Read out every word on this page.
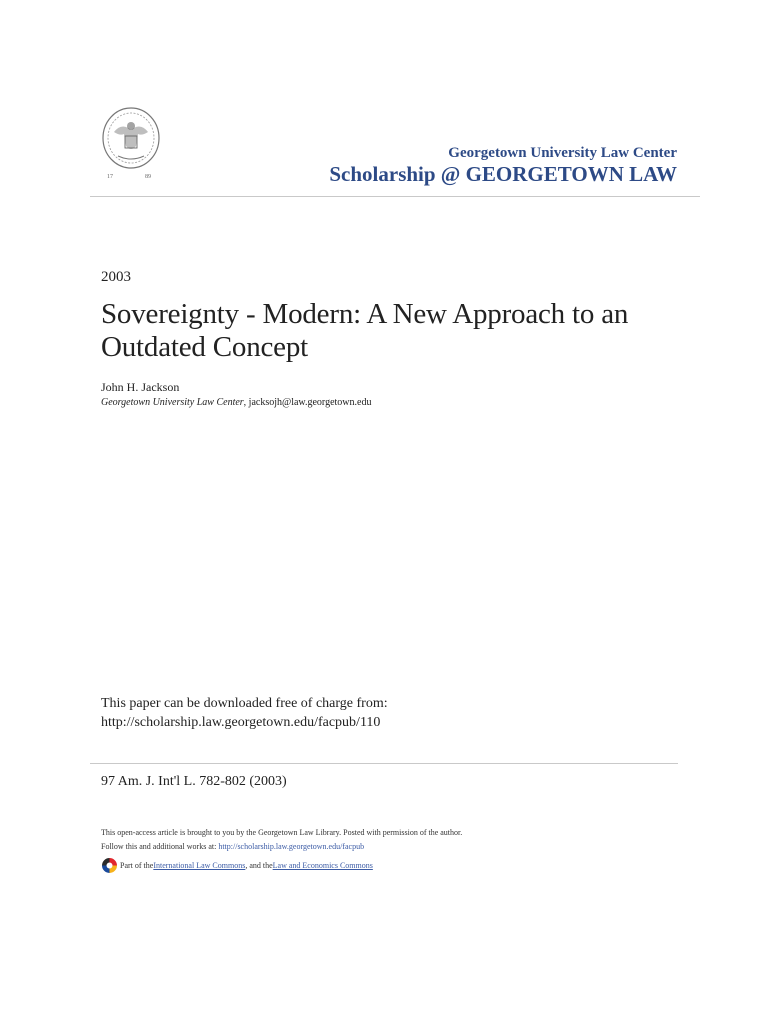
17	89
Georgetown University Law Center
Scholarship @ GEORGETOWN LAW
2003
Sovereignty - Modern: A New Approach to an Outdated Concept
John H. Jackson
Georgetown University Law Center, jacksojh@law.georgetown.edu
This paper can be downloaded free of charge from:
http://scholarship.law.georgetown.edu/facpub/110
97 Am. J. Int'l L. 782-802 (2003)
This open-access article is brought to you by the Georgetown Law Library. Posted with permission of the author.
Follow this and additional works at: http://scholarship.law.georgetown.edu/facpub
Part of the International Law Commons , and the Law and Economics Commons
